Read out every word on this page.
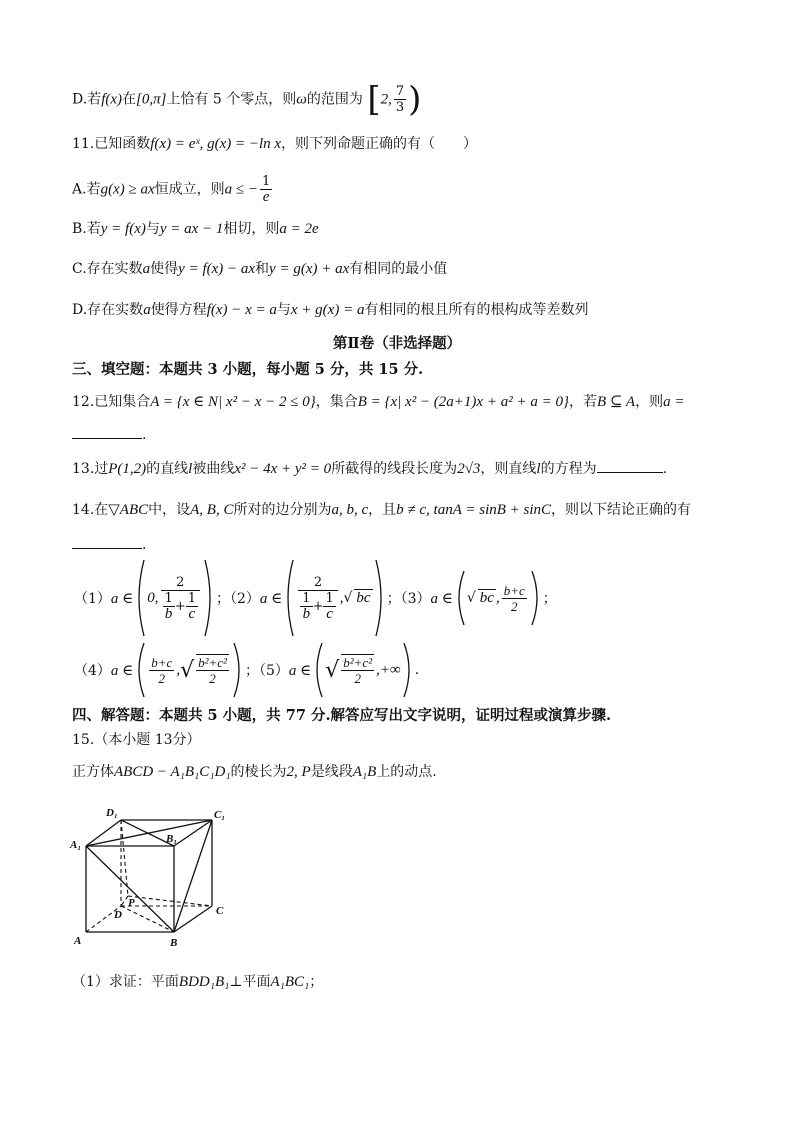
D.若f(x)在[0,π]上恰有 5 个零点，则ω的范围为 [2, $\frac{7}{3}$ )
11.已知函数f(x) = eˣ, g(x) = −ln x，则下列命题正确的有（　　）
A.若g(x) ≥ ax恒成立，则a ≤ − $\frac{1}{e}$
B.若y = f(x)与y = ax − 1相切，则a = 2e
C.存在实数a使得y = f(x) − ax和y = g(x) + ax有相同的最小值
D.存在实数a使得方程f(x) − x = a与x + g(x) = a有相同的根且所有的根构成等差数列
第Ⅱ卷（非选择题）
三、填空题：本题共 3 小题，每小题 5 分，共 15 分.
12.已知集合A = {x ∈ N| x² − x − 2 ≤ 0}，集合B = {x| x² − (2a+1)x + a² + a = 0}，若B ⊆ A，则a =
.
13.过P(1,2)的直线l被曲线x² − 4x + y² = 0所截得的线段长度为2√3，则直线l的方程为	.
14.在▽ABC中，设A, B, C所对的边分别为a, b, c，且b ≠ c, tanA = sinB + sinC，则以下结论正确的有
.
（1） a ∈ 0, $\frac{2}{\frac{1}{b} + \frac{1}{c}}$ ；（2） a ∈ $\frac{2}{\frac{1}{b} + \frac{1}{c}}$ , √ bc ；（3） a ∈ √ bc , $\frac{b+c}{2}$ ；
（4） a ∈ $\frac{b+c}{2}$ , √ $\frac{\text{b²+c²}}{2}$ ；（5） a ∈ √ $\frac{\text{b²+c²}}{2}$ ,+∞ .
四、解答题：本题共 5 小题，共 77 分.解答应写出文字说明，证明过程或演算步骤.
15.（本小题 13分）
正方体ABCD − A₁B₁C₁D₁的棱长为2, P是线段A₁B上的动点.
D₁	C₁
A₁	B₁
P
D	C
A	B
（1）求证：平面BDD₁B₁⊥平面A₁BC₁；
